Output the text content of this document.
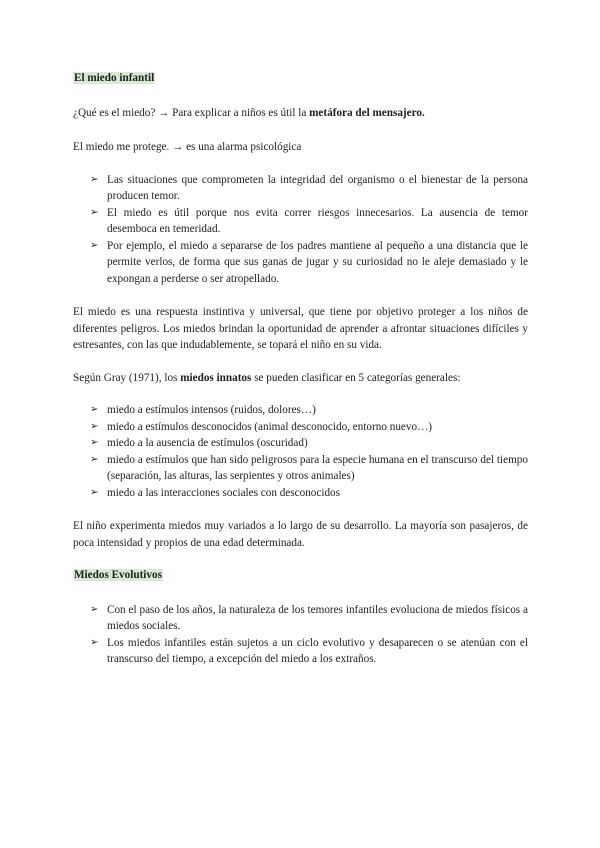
El miedo infantil

¿Qué es el miedo? → Para explicar a niños es útil la metáfora del mensajero.

El miedo me protege. → es una alarma psicológica

➢ Las situaciones que comprometen la integridad del organismo o el bienestar de la persona producen temor.
➢ El miedo es útil porque nos evita correr riesgos innecesarios. La ausencia de temor desemboca en temeridad.
➢ Por ejemplo, el miedo a separarse de los padres mantiene al pequeño a una distancia que le permite verlos, de forma que sus ganas de jugar y su curiosidad no le aleje demasiado y le expongan a perderse o ser atropellado.

El miedo es una respuesta instintiva y universal, que tiene por objetivo proteger a los niños de diferentes peligros. Los miedos brindan la oportunidad de aprender a afrontar situaciones difíciles y estresantes, con las que indudablemente, se topará el niño en su vida.

Según Gray (1971), los miedos innatos se pueden clasificar en 5 categorías generales:

➢ miedo a estímulos intensos (ruidos, dolores…)
➢ miedo a estímulos desconocidos (animal desconocido, entorno nuevo…)
➢ miedo a la ausencia de estímulos (oscuridad)
➢ miedo a estímulos que han sido peligrosos para la especie humana en el transcurso del tiempo (separación, las alturas, las serpientes y otros animales)
➢ miedo a las interacciones sociales con desconocidos

El niño experimenta miedos muy variados a lo largo de su desarrollo. La mayoría son pasajeros, de poca intensidad y propios de una edad determinada.

Miedos Evolutivos
➢ Con el paso de los años, la naturaleza de los temores infantiles evoluciona de miedos físicos a miedos sociales.
➢ Los miedos infantiles están sujetos a un ciclo evolutivo y desaparecen o se atenúan con el transcurso del tiempo, a excepción del miedo a los extraños.
